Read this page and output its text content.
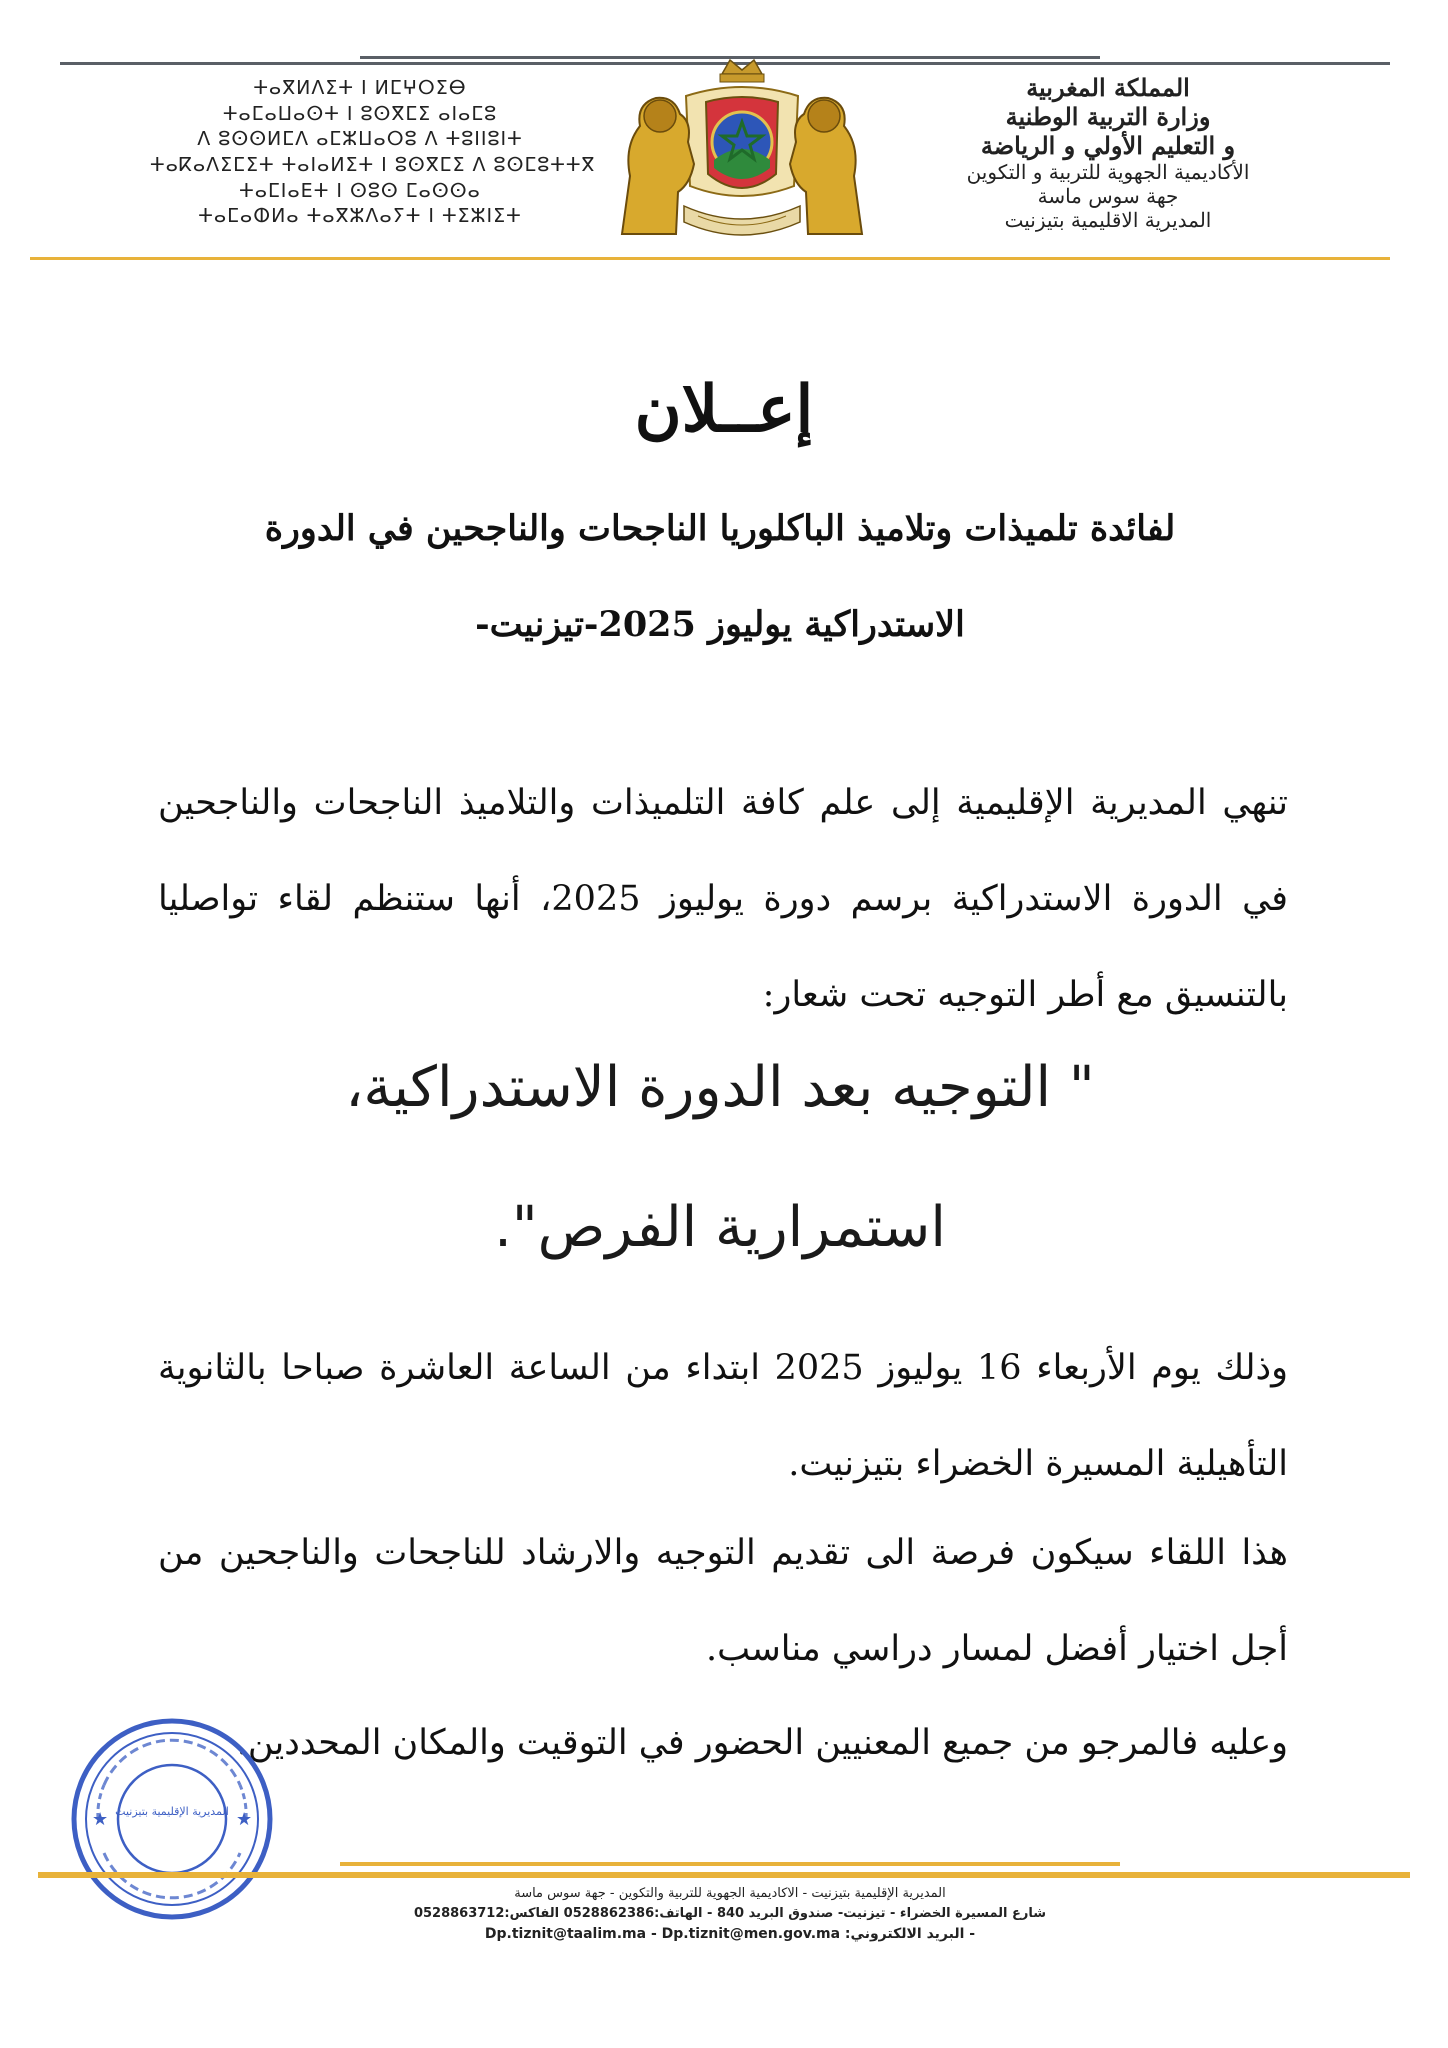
المملكة المغربية
وزارة التربية الوطنية
و التعليم الأولي و الرياضة
الأكاديمية الجهوية للتربية و التكوين
جهة سوس ماسة
المديرية الاقليمية بتيزنيت
ⵜⴰⴳⵍⴷⵉⵜ ⵏ ⵍⵎⵖⵔⵉⴱ
ⵜⴰⵎⴰⵡⴰⵙⵜ ⵏ ⵓⵙⴳⵎⵉ ⴰⵏⴰⵎⵓ
ⴷ ⵓⵙⵙⵍⵎⴷ ⴰⵎⵣⵡⴰⵔⵓ ⴷ ⵜⵓⵏⵏⵓⵏⵜ
ⵜⴰⴽⴰⴷⵉⵎⵉⵜ ⵜⴰⵏⴰⵍⵉⵜ ⵏ ⵓⵙⴳⵎⵉ ⴷ ⵓⵙⵎⵓⵜⵜⴳ
ⵜⴰⵎⵏⴰⴹⵜ ⵏ ⵙⵓⵙ ⵎⴰⵙⵙⴰ
ⵜⴰⵎⴰⵀⵍⴰ ⵜⴰⴳⵣⴷⴰⵢⵜ ⵏ ⵜⵉⵣⵏⵉⵜ
إعــلان
لفائدة تلميذات وتلاميذ الباكلوريا الناجحات والناجحين في الدورة
الاستدراكية يوليوز 2025-تيزنيت-
تنهي المديرية الإقليمية إلى علم كافة التلميذات والتلاميذ الناجحات والناجحين في الدورة الاستدراكية برسم دورة يوليوز 2025، أنها ستنظم لقاء تواصليا بالتنسيق مع أطر التوجيه تحت شعار:
" التوجيه بعد الدورة الاستدراكية،
استمرارية الفرص".
وذلك يوم الأربعاء 16 يوليوز 2025 ابتداء من الساعة العاشرة صباحا بالثانوية التأهيلية المسيرة الخضراء بتيزنيت.
هذا اللقاء سيكون فرصة الى تقديم التوجيه والارشاد للناجحات والناجحين من أجل اختيار أفضل لمسار دراسي مناسب.
وعليه فالمرجو من جميع المعنيين الحضور في التوقيت والمكان المحددين.
★	★
المديرية الإقليمية بتيزنيت
المديرية الإقليمية بتيزنيت - الاكاديمية الجهوية للتربية والتكوين - جهة سوس ماسة
شارع المسيرة الخضراء - تيزنيت- صندوق البريد 840 - الهاتف:0528862386 الفاكس:0528863712
- البريد الالكتروني: Dp.tiznit@taalim.ma - Dp.tiznit@men.gov.ma
